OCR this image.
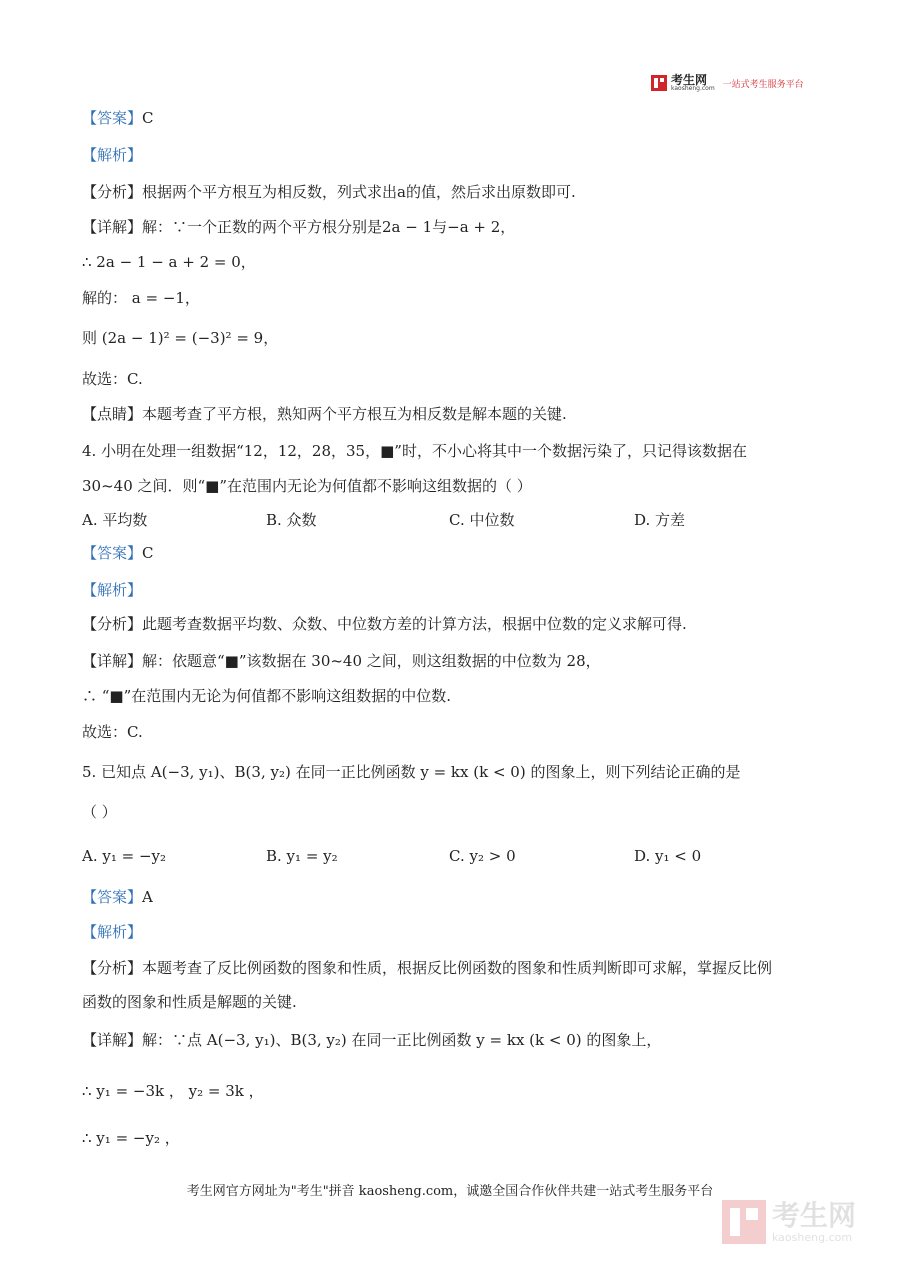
考生网
kaosheng.com 一站式考生服务平台
【答案】C
【解析】
【分析】根据两个平方根互为相反数，列式求出a的值，然后求出原数即可.
【详解】解：∵一个正数的两个平方根分别是2a − 1与−a + 2，
∴ 2a − 1 − a + 2 = 0，
解的： a = −1，
则 (2a − 1)² = (−3)² = 9，
故选：C.
【点睛】本题考查了平方根，熟知两个平方根互为相反数是解本题的关键.
4. 小明在处理一组数据“12，12，28，35，■”时，不小心将其中一个数据污染了，只记得该数据在
30~40 之间．则“■”在范围内无论为何值都不影响这组数据的（ ）
【答案】C
【解析】
【分析】此题考查数据平均数、众数、中位数方差的计算方法，根据中位数的定义求解可得.
【详解】解：依题意“■”该数据在 30~40 之间，则这组数据的中位数为 28，
∴ “■”在范围内无论为何值都不影响这组数据的中位数.
故选：C.
5. 已知点 A(−3, y₁)、B(3, y₂) 在同一正比例函数 y = kx (k < 0) 的图象上，则下列结论正确的是
（ ）
【答案】A
【解析】
【分析】本题考查了反比例函数的图象和性质，根据反比例函数的图象和性质判断即可求解，掌握反比例
函数的图象和性质是解题的关键.
【详解】解：∵点 A(−3, y₁)、B(3, y₂) 在同一正比例函数 y = kx (k < 0) 的图象上，
∴ y₁ = −3k ， y₂ = 3k ，
∴ y₁ = −y₂ ，
A. 平均数	B. 众数	C. 中位数	D. 方差
A. y₁ = −y₂	B. y₁ = y₂	C. y₂ > 0	D. y₁ < 0
考生网官方网址为"考生"拼音 kaosheng.com，诚邀全国合作伙伴共建一站式考生服务平台
考生网
kaosheng.com
